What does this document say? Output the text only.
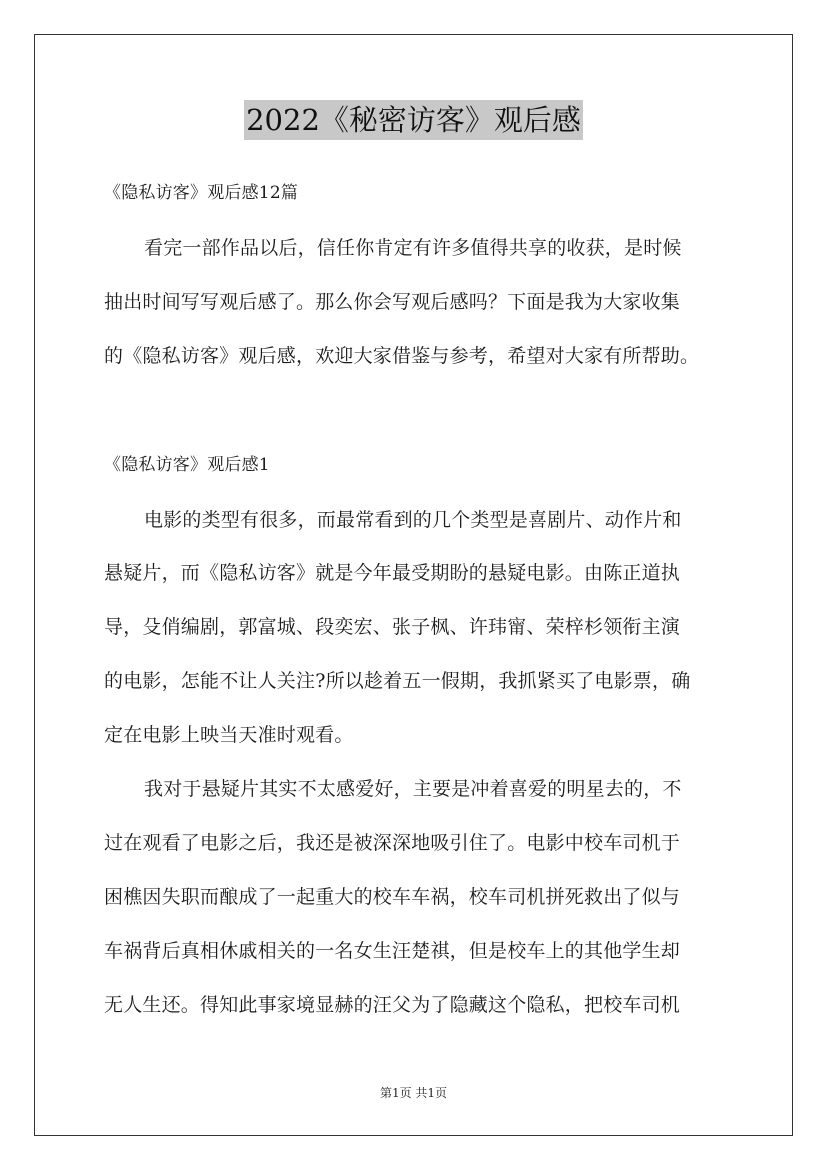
2022《秘密访客》观后感
《隐私访客》观后感12篇
看完一部作品以后，信任你肯定有许多值得共享的收获，是时候
抽出时间写写观后感了。那么你会写观后感吗？下面是我为大家收集
的《隐私访客》观后感，欢迎大家借鉴与参考，希望对大家有所帮助。
《隐私访客》观后感1
电影的类型有很多，而最常看到的几个类型是喜剧片、动作片和
悬疑片，而《隐私访客》就是今年最受期盼的悬疑电影。由陈正道执
导，殳俏编剧，郭富城、段奕宏、张子枫、许玮甯、荣梓杉领衔主演
的电影，怎能不让人关注?所以趁着五一假期，我抓紧买了电影票，确
定在电影上映当天准时观看。
我对于悬疑片其实不太感爱好，主要是冲着喜爱的明星去的，不
过在观看了电影之后，我还是被深深地吸引住了。电影中校车司机于
困樵因失职而酿成了一起重大的校车车祸，校车司机拼死救出了似与
车祸背后真相休戚相关的一名女生汪楚祺，但是校车上的其他学生却
无人生还。得知此事家境显赫的汪父为了隐藏这个隐私，把校车司机
第1页 共1页
